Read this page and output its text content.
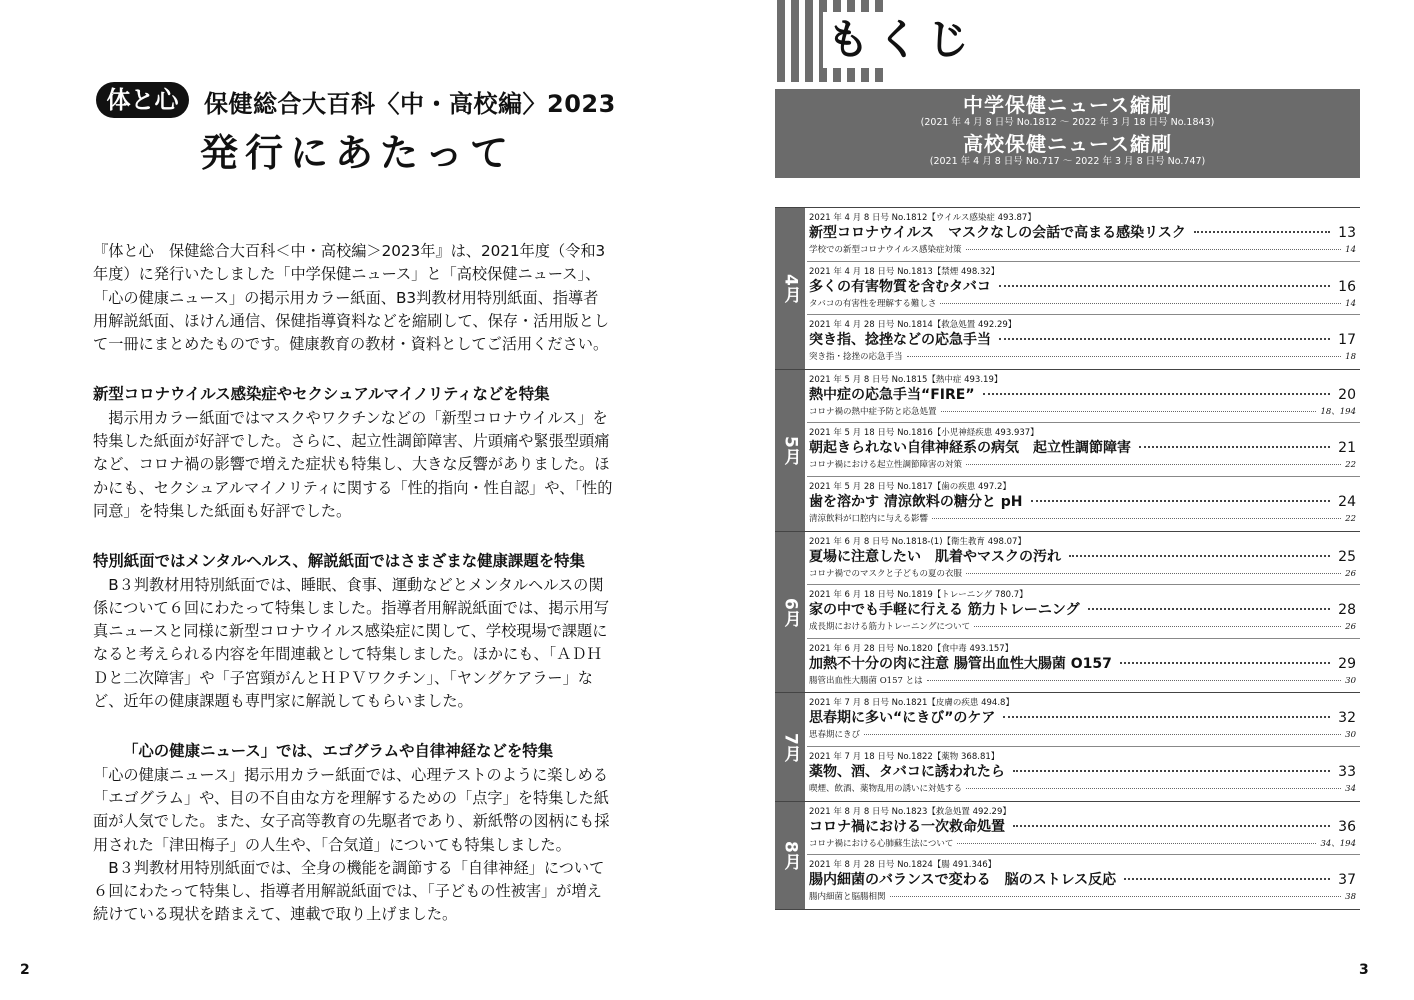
体と心	保健総合大百科〈中・高校編〉2023
発行にあたって

『体と心　保健総合大百科＜中・高校編＞2023年』は、2021年度（令和3年度）に発行いたしました「中学保健ニュース」と「高校保健ニュース」、「心の健康ニュース」の掲示用カラー紙面、B3判教材用特別紙面、指導者用解説紙面、ほけん通信、保健指導資料などを縮刷して、保存・活用版として一冊にまとめたものです。健康教育の教材・資料としてご活用ください。

新型コロナウイルス感染症やセクシュアルマイノリティなどを特集

掲示用カラー紙面ではマスクやワクチンなどの「新型コロナウイルス」を特集した紙面が好評でした。さらに、起立性調節障害、片頭痛や緊張型頭痛など、コロナ禍の影響で増えた症状も特集し、大きな反響がありました。ほかにも、セクシュアルマイノリティに関する「性的指向・性自認」や、「性的同意」を特集した紙面も好評でした。

特別紙面ではメンタルヘルス、解説紙面ではさまざまな健康課題を特集

B３判教材用特別紙面では、睡眠、食事、運動などとメンタルヘルスの関係について６回にわたって特集しました。指導者用解説紙面では、掲示用写真ニュースと同様に新型コロナウイルス感染症に関して、学校現場で課題になると考えられる内容を年間連載として特集しました。ほかにも、「ＡＤＨＤと二次障害」や「子宮頸がんとＨＰＶワクチン」、「ヤングケアラー」など、近年の健康課題も専門家に解説してもらいました。

「心の健康ニュース」では、エゴグラムや自律神経などを特集

「心の健康ニュース」掲示用カラー紙面では、心理テストのように楽しめる「エゴグラム」や、目の不自由な方を理解するための「点字」を特集した紙面が人気でした。また、女子高等教育の先駆者であり、新紙幣の図柄にも採用された「津田梅子」の人生や、「合気道」についても特集しました。

B３判教材用特別紙面では、全身の機能を調節する「自律神経」について６回にわたって特集し、指導者用解説紙面では、「子どもの性被害」が増え続けている現状を踏まえて、連載で取り上げました。

2
もくじ
中学保健ニュース縮刷
(2021 年 4 月 8 日号 No.1812 ～ 2022 年 3 月 18 日号 No.1843)
高校保健ニュース縮刷
(2021 年 4 月 8 日号 No.717 ～ 2022 年 3 月 8 日号 No.747)
4月
2021 年 4 月 8 日号 No.1812【ウイルス感染症 493.87】
新型コロナウイルス　マスクなしの会話で高まる感染リスク	13
学校での新型コロナウイルス感染症対策	14
2021 年 4 月 18 日号 No.1813【禁煙 498.32】
多くの有害物質を含むタバコ	16
タバコの有害性を理解する難しさ	14
2021 年 4 月 28 日号 No.1814【救急処置 492.29】
突き指、捻挫などの応急手当	17
突き指・捻挫の応急手当	18
5月
2021 年 5 月 8 日号 No.1815【熱中症 493.19】
熱中症の応急手当“FIRE”	20
コロナ禍の熱中症予防と応急処置	18、194
2021 年 5 月 18 日号 No.1816【小児神経疾患 493.937】
朝起きられない自律神経系の病気　起立性調節障害	21
コロナ禍における起立性調節障害の対策	22
2021 年 5 月 28 日号 No.1817【歯の疾患 497.2】
歯を溶かす 清涼飲料の糖分と pH	24
清涼飲料が口腔内に与える影響	22
6月
2021 年 6 月 8 日号 No.1818-(1)【衛生教育 498.07】
夏場に注意したい　肌着やマスクの汚れ	25
コロナ禍でのマスクと子どもの夏の衣服	26
2021 年 6 月 18 日号 No.1819【トレーニング 780.7】
家の中でも手軽に行える 筋力トレーニング	28
成長期における筋力トレーニングについて	26
2021 年 6 月 28 日号 No.1820【食中毒 493.157】
加熱不十分の肉に注意 腸管出血性大腸菌 O157	29
腸管出血性大腸菌 O157 とは	30
7月
2021 年 7 月 8 日号 No.1821【皮膚の疾患 494.8】
思春期に多い“にきび”のケア	32
思春期にきび	30
2021 年 7 月 18 日号 No.1822【薬物 368.81】
薬物、酒、タバコに誘われたら	33
喫煙、飲酒、薬物乱用の誘いに対処する	34
8月
2021 年 8 月 8 日号 No.1823【救急処置 492.29】
コロナ禍における一次救命処置	36
コロナ禍における心肺蘇生法について	34、194
2021 年 8 月 28 日号 No.1824【腸 491.346】
腸内細菌のバランスで変わる　脳のストレス反応	37
腸内細菌と脳腸相関	38
3
